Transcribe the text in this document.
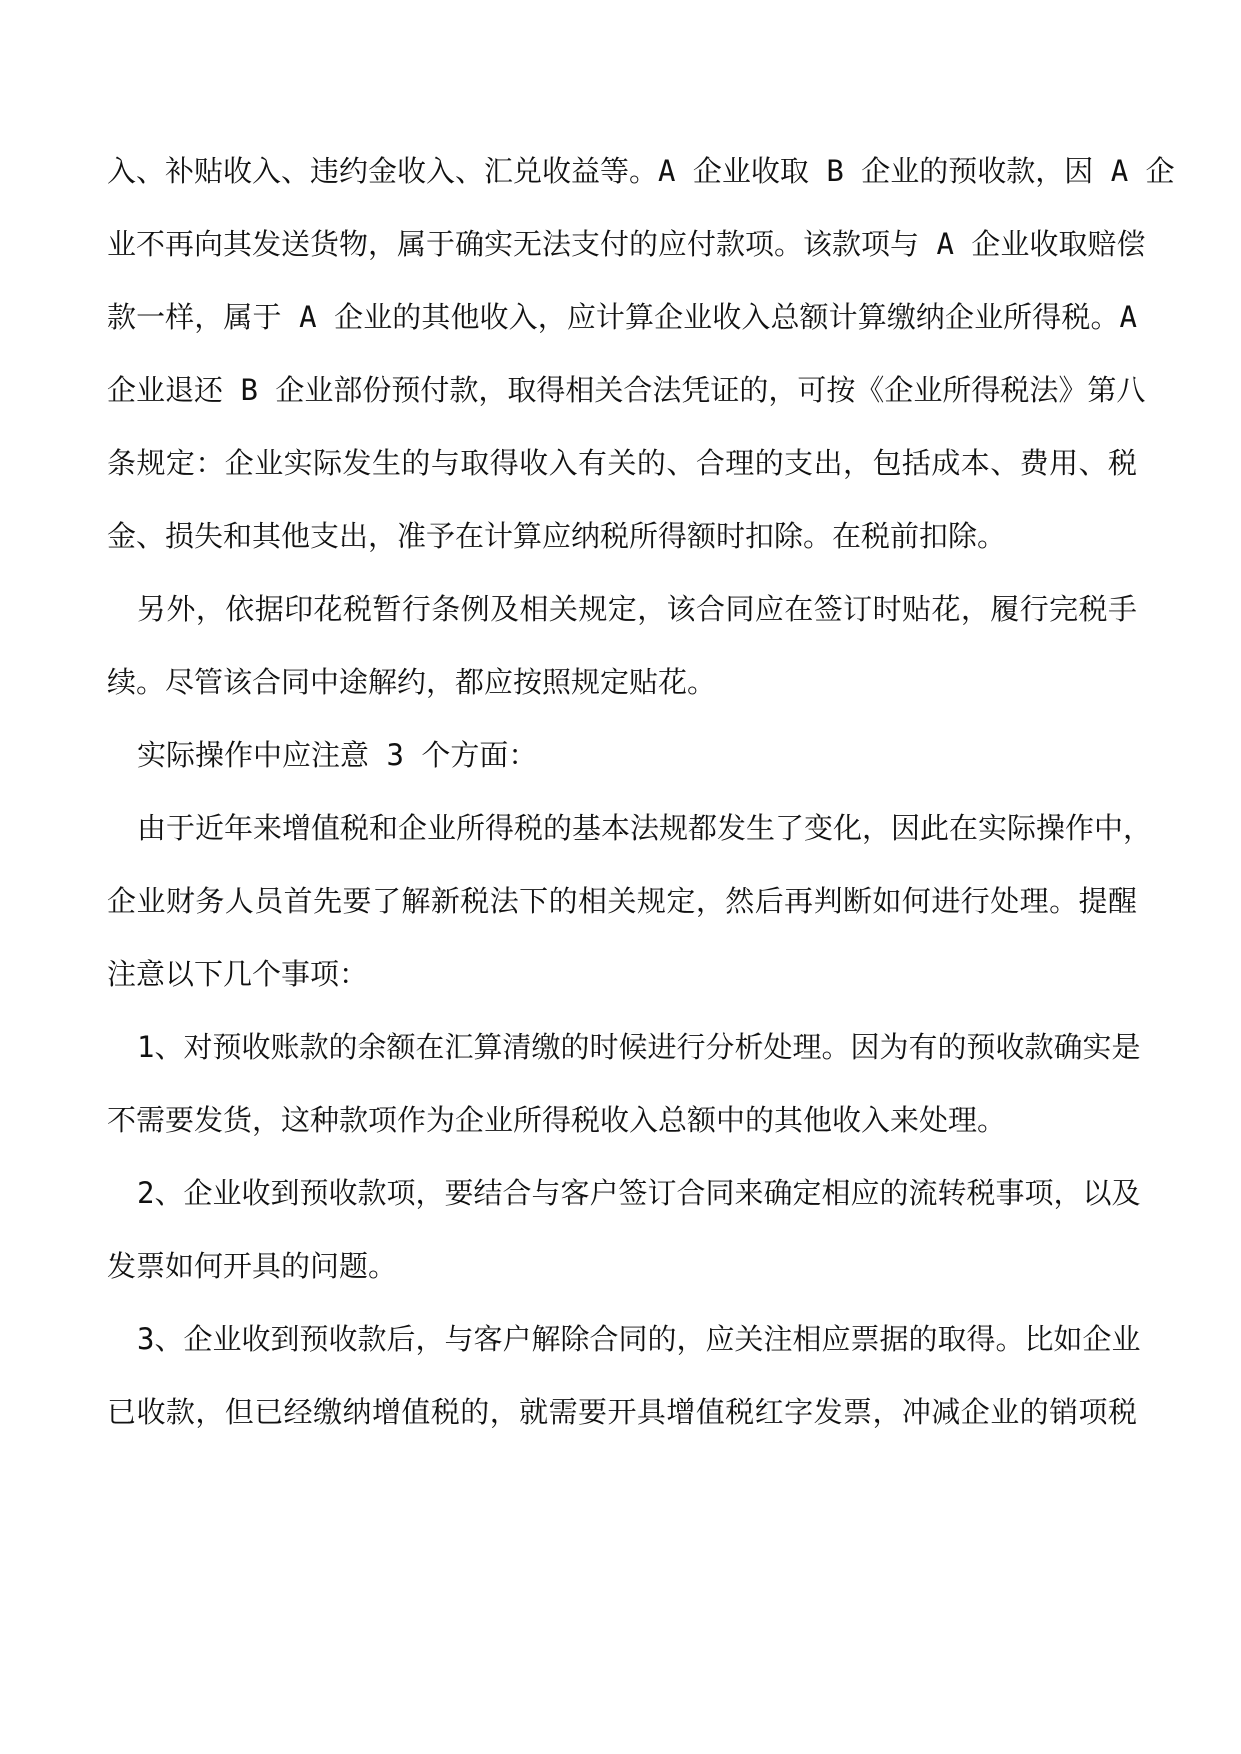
入、补贴收入、违约金收入、汇兑收益等。A 企业收取 B 企业的预收款，因 A 企
业不再向其发送货物，属于确实无法支付的应付款项。该款项与 A 企业收取赔偿
款一样，属于 A 企业的其他收入，应计算企业收入总额计算缴纳企业所得税。A
企业退还 B 企业部份预付款，取得相关合法凭证的，可按《企业所得税法》第八
条规定：企业实际发生的与取得收入有关的、合理的支出，包括成本、费用、税
金、损失和其他支出，准予在计算应纳税所得额时扣除。在税前扣除。
另外，依据印花税暂行条例及相关规定，该合同应在签订时贴花，履行完税手
续。尽管该合同中途解约，都应按照规定贴花。
实际操作中应注意 3 个方面：
由于近年来增值税和企业所得税的基本法规都发生了变化，因此在实际操作中，
企业财务人员首先要了解新税法下的相关规定，然后再判断如何进行处理。提醒
注意以下几个事项：
1、对预收账款的余额在汇算清缴的时候进行分析处理。因为有的预收款确实是
不需要发货，这种款项作为企业所得税收入总额中的其他收入来处理。
2、企业收到预收款项，要结合与客户签订合同来确定相应的流转税事项，以及
发票如何开具的问题。
3、企业收到预收款后，与客户解除合同的，应关注相应票据的取得。比如企业
已收款，但已经缴纳增值税的，就需要开具增值税红字发票，冲减企业的销项税
